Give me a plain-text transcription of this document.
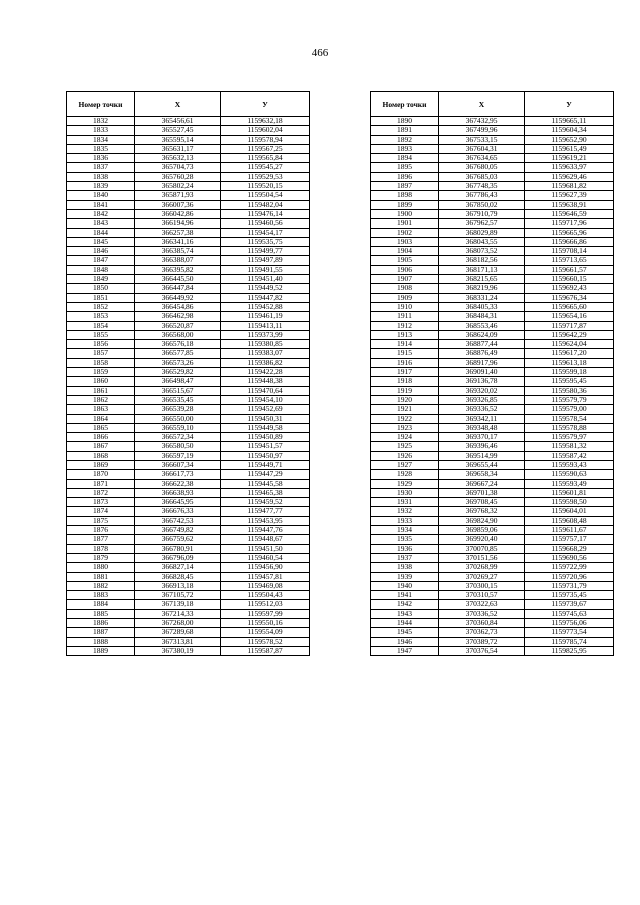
466
Номер точки	X	У
1832	365456,61	1159632,18
1833	365527,45	1159602,04
1834	365595,14	1159578,94
1835	365631,17	1159567,25
1836	365632,13	1159565,84
1837	365704,73	1159545,27
1838	365760,28	1159529,53
1839	365802,24	1159520,15
1840	365871,93	1159504,54
1841	366007,36	1159482,04
1842	366042,86	1159476,14
1843	366194,96	1159460,56
1844	366257,38	1159454,17
1845	366341,16	1159535,75
1846	366385,74	1159499,77
1847	366388,07	1159497,89
1848	366395,82	1159491,55
1849	366445,50	1159451,40
1850	366447,84	1159449,52
1851	366449,92	1159447,82
1852	366454,86	1159452,88
1853	366462,98	1159461,19
1854	366520,87	1159413,11
1855	366568,00	1159373,99
1856	366576,18	1159380,85
1857	366577,85	1159383,07
1858	366573,26	1159386,82
1859	366529,82	1159422,28
1860	366498,47	1159448,38
1861	366515,67	1159470,64
1862	366535,45	1159454,10
1863	366539,28	1159452,69
1864	366550,00	1159450,31
1865	366559,10	1159449,58
1866	366572,34	1159450,89
1867	366580,50	1159451,57
1868	366597,19	1159450,97
1869	366607,34	1159449,71
1870	366617,73	1159447,29
1871	366622,38	1159445,58
1872	366638,93	1159465,38
1873	366645,95	1159459,52
1874	366676,33	1159477,77
1875	366742,53	1159453,95
1876	366749,82	1159447,76
1877	366759,62	1159448,67
1878	366780,91	1159451,50
1879	366796,09	1159460,54
1880	366827,14	1159456,90
1881	366828,45	1159457,81
1882	366913,18	1159469,08
1883	367105,72	1159504,43
1884	367139,18	1159512,03
1885	367214,33	1159597,99
1886	367268,00	1159550,16
1887	367289,68	1159554,09
1888	367313,81	1159578,52
1889	367380,19	1159587,87
Номер точки	X	У
1890	367432,95	1159665,11
1891	367499,96	1159604,34
1892	367533,15	1159652,90
1893	367604,31	1159615,49
1894	367634,65	1159619,21
1895	367680,05	1159633,97
1896	367685,03	1159629,46
1897	367748,35	1159681,82
1898	367786,43	1159627,39
1899	367850,02	1159638,91
1900	367910,79	1159646,59
1901	367962,57	1159717,96
1902	368029,89	1159665,96
1903	368043,55	1159666,86
1904	368073,52	1159708,14
1905	368182,56	1159713,65
1906	368171,13	1159661,57
1907	368215,65	1159660,15
1908	368219,96	1159692,43
1909	368331,24	1159676,34
1910	368405,33	1159665,60
1911	368484,31	1159654,16
1912	368553,46	1159717,87
1913	368624,09	1159642,29
1914	368877,44	1159624,04
1915	368876,49	1159617,20
1916	368917,96	1159613,18
1917	369091,40	1159599,18
1918	369136,78	1159595,45
1919	369320,02	1159580,36
1920	369326,85	1159579,79
1921	369336,52	1159579,00
1922	369342,11	1159578,54
1923	369348,48	1159578,88
1924	369370,17	1159579,97
1925	369396,46	1159581,32
1926	369514,99	1159587,42
1927	369655,44	1159593,43
1928	369658,34	1159590,63
1929	369667,24	1159593,49
1930	369701,38	1159601,81
1931	369708,45	1159598,50
1932	369768,32	1159604,01
1933	369824,90	1159608,48
1934	369859,06	1159611,67
1935	369920,40	1159757,17
1936	370070,85	1159668,29
1937	370151,56	1159690,56
1938	370268,99	1159722,99
1939	370269,27	1159720,96
1940	370300,15	1159731,79
1941	370310,57	1159735,45
1942	370322,63	1159739,67
1943	370336,52	1159745,63
1944	370360,84	1159756,06
1945	370362,73	1159773,54
1946	370389,72	1159785,74
1947	370376,54	1159825,95
